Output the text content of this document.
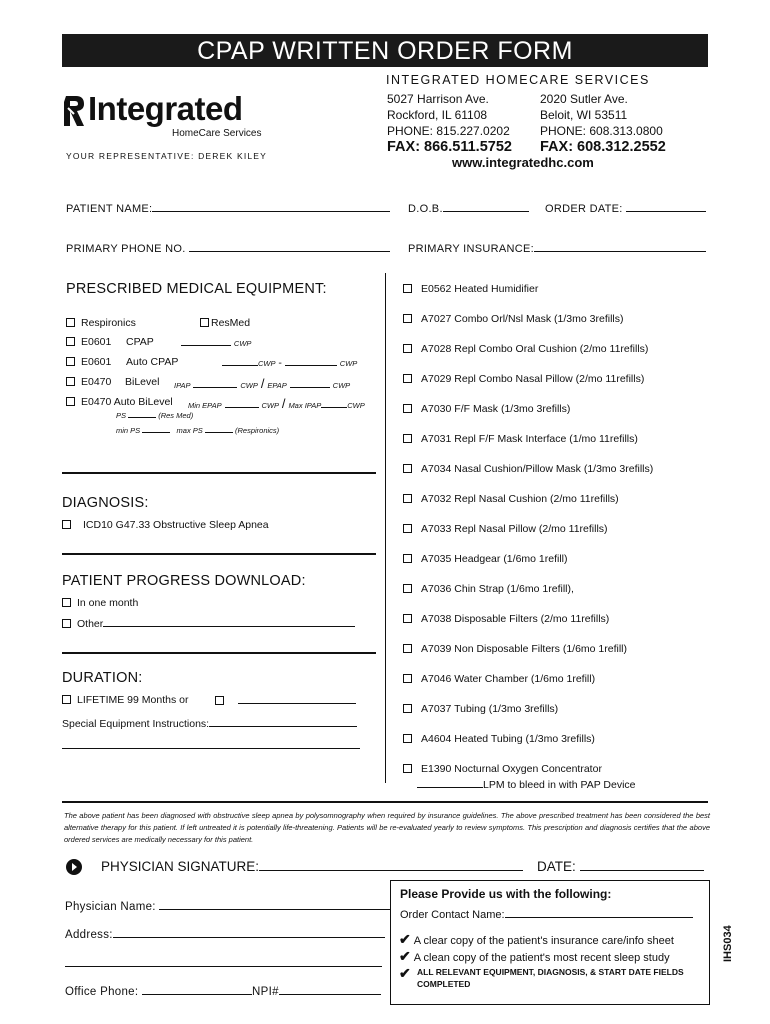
CPAP WRITTEN ORDER FORM
Integrated
HomeCare Services
YOUR REPRESENTATIVE: DEREK KILEY
INTEGRATED HOMECARE SERVICES
5027 Harrison Ave.
Rockford, IL 61108
PHONE: 815.227.0202
FAX: 866.511.5752
2020 Sutler Ave.
Beloit, WI 53511
PHONE: 608.313.0800
FAX: 608.312.2552
www.integratedhc.com
PATIENT NAME:	D.O.B.	ORDER DATE:
PRIMARY PHONE NO.	PRIMARY INSURANCE:
PRESCRIBED MEDICAL EQUIPMENT:
Respironics	ResMed
E0601 CPAP	CWP
E0601 Auto CPAP	CWP -	CWP
E0470 BiLevel IPAP	CWP / EPAP	CWP
E0470 Auto BiLevel Min EPAP	CWP / Max IPAP	CWP
PS	(Res Med)
min PS	max PS	(Respironics)
DIAGNOSIS:
ICD10 G47.33 Obstructive Sleep Apnea
PATIENT PROGRESS DOWNLOAD:
In one month
Other
DURATION:
LIFETIME 99 Months or
Special Equipment Instructions:
E0562 Heated Humidifier
A7027 Combo Orl/Nsl Mask (1/3mo 3refills)
A7028 Repl Combo Oral Cushion (2/mo 11refills)
A7029 Repl Combo Nasal Pillow (2/mo 11refills)
A7030 F/F Mask (1/3mo 3refills)
A7031 Repl F/F Mask Interface (1/mo 11refills)
A7034 Nasal Cushion/Pillow Mask (1/3mo 3refills)
A7032 Repl Nasal Cushion (2/mo 11refills)
A7033 Repl Nasal Pillow (2/mo 11refills)
A7035 Headgear (1/6mo 1refill)
A7036 Chin Strap (1/6mo 1refill),
A7038 Disposable Filters (2/mo 11refills)
A7039 Non Disposable Filters (1/6mo 1refill)
A7046 Water Chamber (1/6mo 1refill)
A7037 Tubing (1/3mo 3refills)
A4604 Heated Tubing (1/3mo 3refills)
E1390 Nocturnal Oxygen Concentrator
LPM to bleed in with PAP Device
The above patient has been diagnosed with obstructive sleep apnea by polysomnography when required by insurance guidelines. The above prescribed treatment has been considered the best alternative therapy for this patient. If left untreated it is potentially life-threatening. Patients will be re-evaluated yearly to review symptoms. This prescription and diagnosis certifies that the above ordered services are medically necessary for this patient.
PHYSICIAN SIGNATURE:	DATE:
Physician Name:
Address:
Office Phone:	NPI#
Please Provide us with the following:
Order Contact Name:
✔ A clear copy of the patient's insurance care/info sheet
✔ A clean copy of the patient's most recent sleep study
✔ ALL RELEVANT EQUIPMENT, DIAGNOSIS, & START DATE FIELDS COMPLETED
IHS034
